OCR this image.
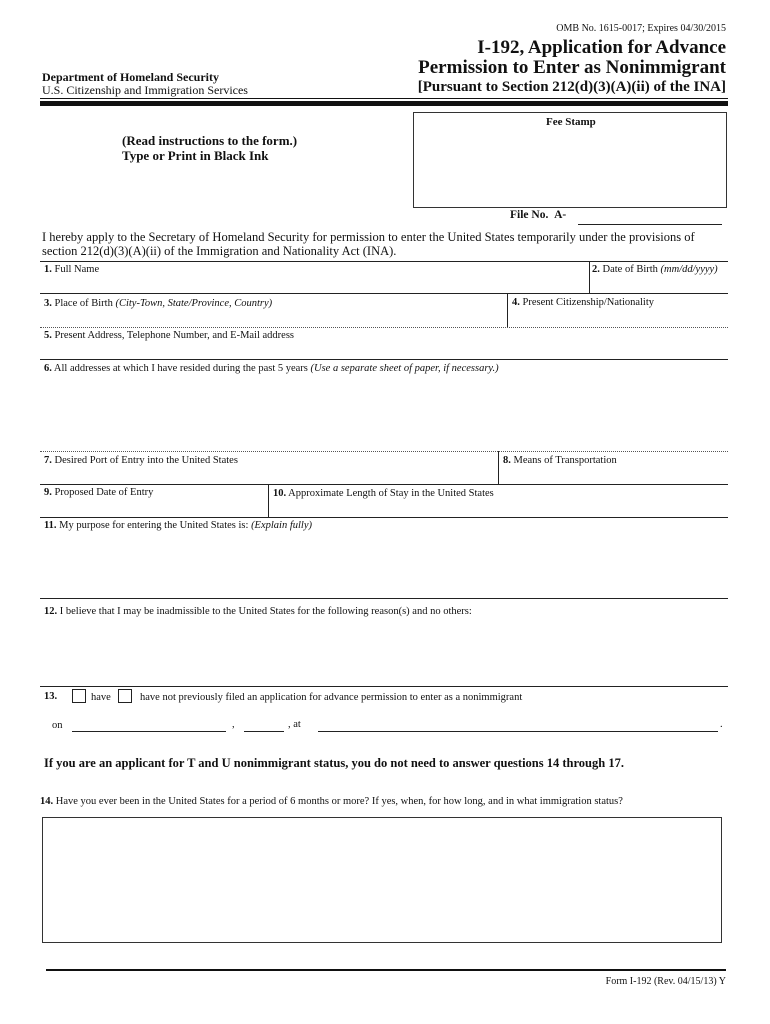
OMB No. 1615-0017; Expires 04/30/2015
I-192, Application for Advance
Permission to Enter as Nonimmigrant
[Pursuant to Section 212(d)(3)(A)(ii) of the INA]
Department of Homeland Security
U.S. Citizenship and Immigration Services
(Read instructions to the form.)
Type or Print in Black Ink
Fee Stamp
File No. A-
I hereby apply to the Secretary of Homeland Security for permission to enter the United States temporarily under the provisions of
section 212(d)(3)(A)(ii) of the Immigration and Nationality Act (INA).
1. Full Name	2. Date of Birth (mm/dd/yyyy)
3. Place of Birth (City-Town, State/Province, Country)	4. Present Citizenship/Nationality
5. Present Address, Telephone Number, and E-Mail address
6. All addresses at which I have resided during the past 5 years (Use a separate sheet of paper, if necessary.)
7. Desired Port of Entry into the United States	8. Means of Transportation
9. Proposed Date of Entry	10. Approximate Length of Stay in the United States
11. My purpose for entering the United States is: (Explain fully)
12. I believe that I may be inadmissible to the United States for the following reason(s) and no others:
13.	have	have not previously filed an application for advance permission to enter as a nonimmigrant
on	,	, at	.
If you are an applicant for T and U nonimmigrant status, you do not need to answer questions 14 through 17.
14. Have you ever been in the United States for a period of 6 months or more? If yes, when, for how long, and in what immigration status?
Form I-192 (Rev. 04/15/13) Y
